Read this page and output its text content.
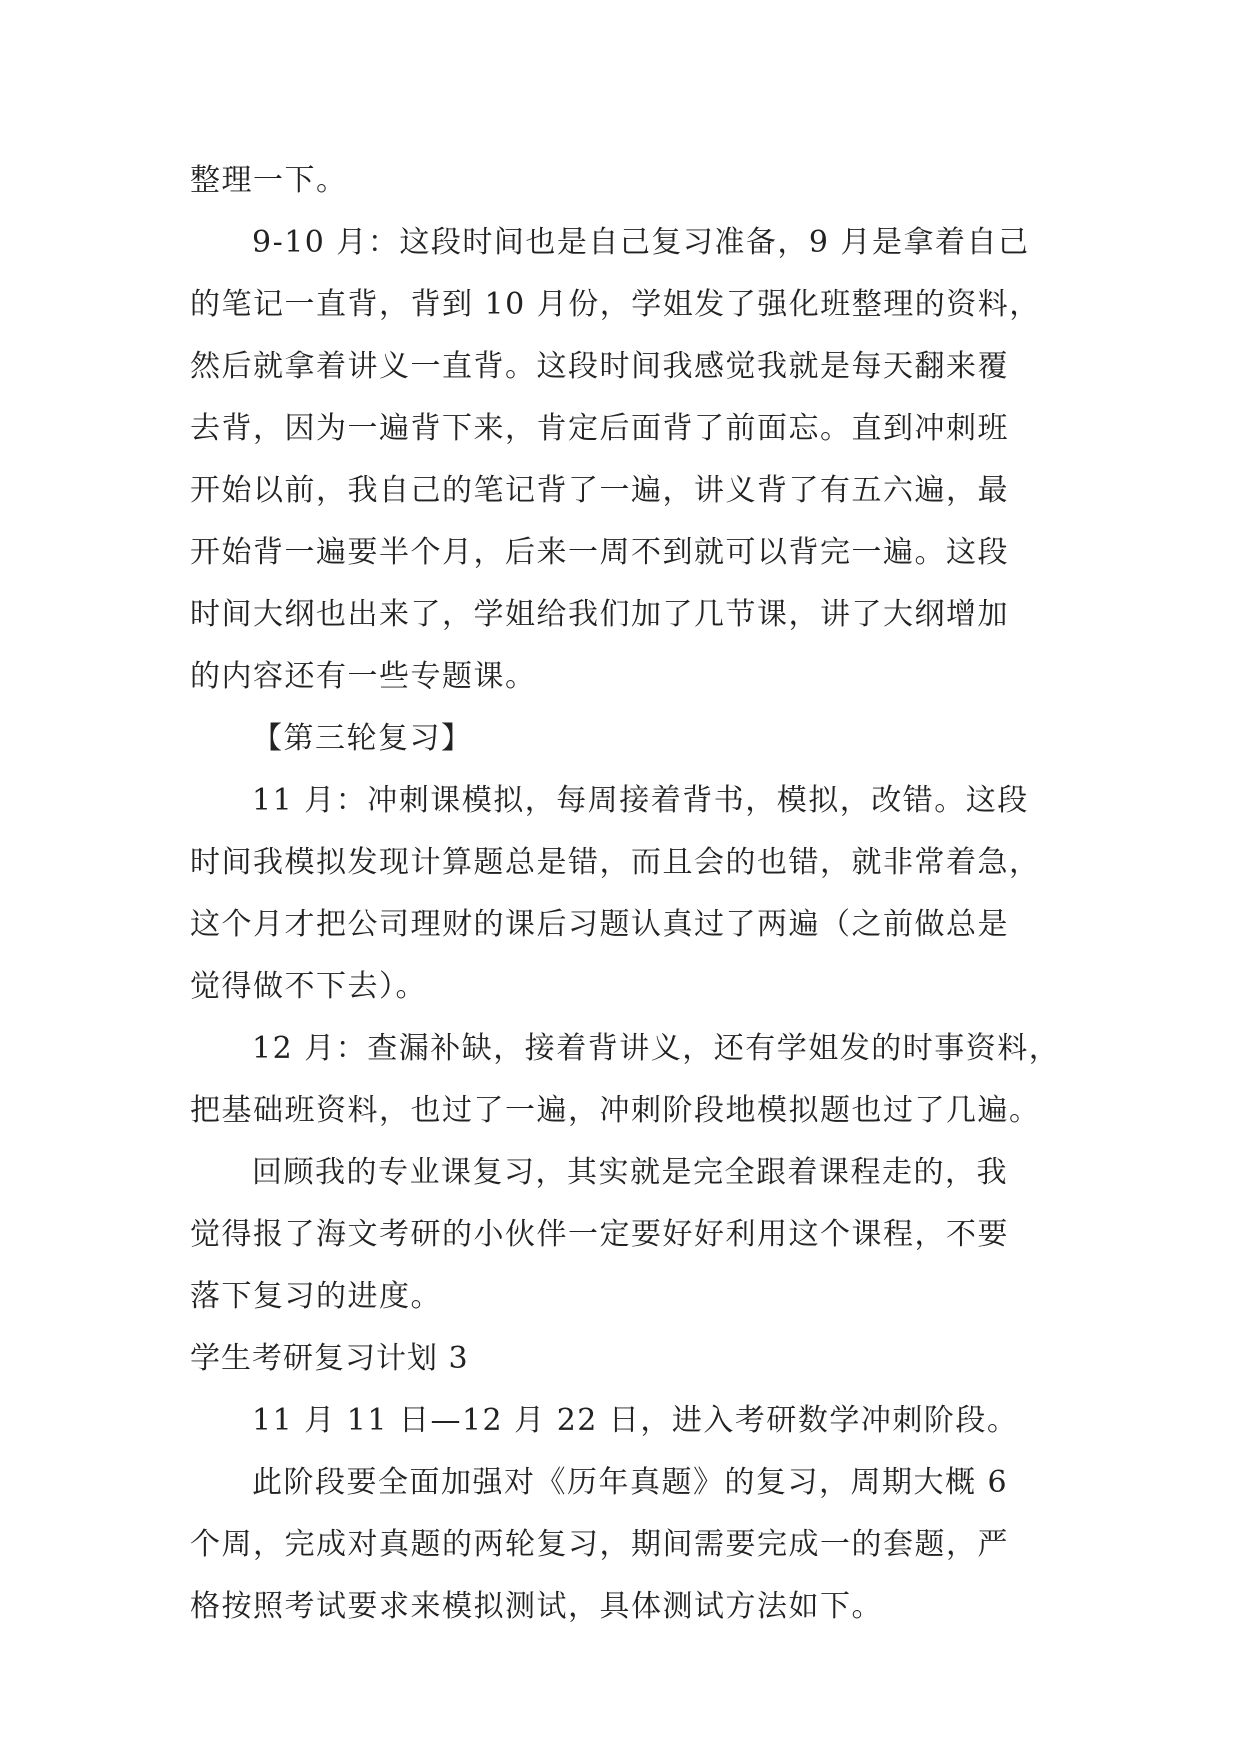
整理一下。
9-10 月：这段时间也是自己复习准备，9 月是拿着自己
的笔记一直背，背到 10 月份，学姐发了强化班整理的资料，
然后就拿着讲义一直背。这段时间我感觉我就是每天翻来覆
去背，因为一遍背下来，肯定后面背了前面忘。直到冲刺班
开始以前，我自己的笔记背了一遍，讲义背了有五六遍，最
开始背一遍要半个月，后来一周不到就可以背完一遍。这段
时间大纲也出来了，学姐给我们加了几节课，讲了大纲增加
的内容还有一些专题课。
【第三轮复习】
11 月：冲刺课模拟，每周接着背书，模拟，改错。这段
时间我模拟发现计算题总是错，而且会的也错，就非常着急，
这个月才把公司理财的课后习题认真过了两遍（之前做总是
觉得做不下去）。
12 月：查漏补缺，接着背讲义，还有学姐发的时事资料，
把基础班资料，也过了一遍，冲刺阶段地模拟题也过了几遍。
回顾我的专业课复习，其实就是完全跟着课程走的，我
觉得报了海文考研的小伙伴一定要好好利用这个课程，不要
落下复习的进度。
学生考研复习计划 3
11 月 11 日—12 月 22 日，进入考研数学冲刺阶段。
此阶段要全面加强对《历年真题》的复习，周期大概 6
个周，完成对真题的两轮复习，期间需要完成一的套题，严
格按照考试要求来模拟测试，具体测试方法如下。
